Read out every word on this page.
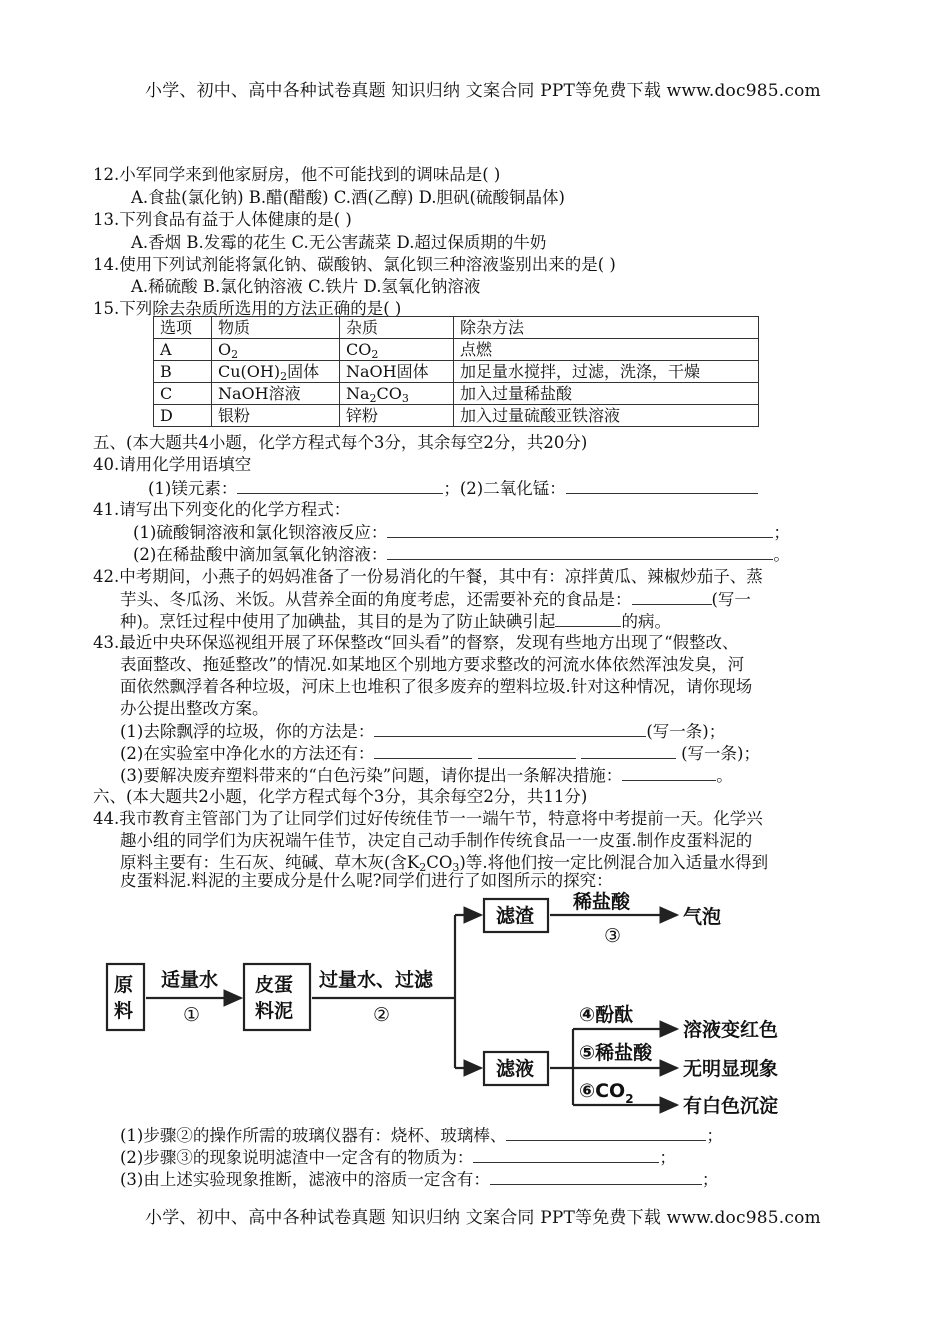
小学、初中、高中各种试卷真题 知识归纳 文案合同 PPT等免费下载 www.doc985.com
12.小军同学来到他家厨房，他不可能找到的调味品是( )
A.食盐(氯化钠) B.醋(醋酸) C.酒(乙醇) D.胆矾(硫酸铜晶体)
13.下列食品有益于人体健康的是( )
A.香烟 B.发霉的花生 C.无公害蔬菜 D.超过保质期的牛奶
14.使用下列试剂能将氯化钠、碳酸钠、氯化钡三种溶液鉴别出来的是( )
A.稀硫酸 B.氯化钠溶液 C.铁片 D.氢氧化钠溶液
15.下列除去杂质所选用的方法正确的是( )
选项	物质	杂质	除杂方法
A	$O_2$	$CO_2$	点燃
B	$Cu(OH)_2$固体	NaOH固体	加足量水搅拌，过滤，洗涤，干燥
C	NaOH溶液	$Na_2CO_3$	加入过量稀盐酸
D	银粉	锌粉	加入过量硫酸亚铁溶液
五、(本大题共4小题，化学方程式每个3分，其余每空2分，共20分)
40.请用化学用语填空
(1)镁元素：	；(2)二氧化锰：
41.请写出下列变化的化学方程式：
(1)硫酸铜溶液和氯化钡溶液反应：	；
(2)在稀盐酸中滴加氢氧化钠溶液：	。
42.中考期间，小燕子的妈妈准备了一份易消化的午餐，其中有：凉拌黄瓜、辣椒炒茄子、蒸
芋头、冬瓜汤、米饭。从营养全面的角度考虑，还需要补充的食品是：	(写一
种)。烹饪过程中使用了加碘盐，其目的是为了防止缺碘引起	的病。
43.最近中央环保巡视组开展了环保整改“回头看”的督察，发现有些地方出现了“假整改、
表面整改、拖延整改”的情况.如某地区个别地方要求整改的河流水体依然浑浊发臭，河
面依然飘浮着各种垃圾，河床上也堆积了很多废弃的塑料垃圾.针对这种情况，请你现场
办公提出整改方案。
(1)去除飘浮的垃圾，你的方法是：	(写一条)；
(2)在实验室中净化水的方法还有：	(写一条)；
(3)要解决废弃塑料带来的“白色污染”问题，请你提出一条解决措施：	。
六、(本大题共2小题，化学方程式每个3分，其余每空2分，共11分)
44.我市教育主管部门为了让同学们过好传统佳节一一端午节，特意将中考提前一天。化学兴
趣小组的同学们为庆祝端午佳节，决定自己动手制作传统食品一一皮蛋.制作皮蛋料泥的
原料主要有：生石灰、纯碱、草木灰(含$K_2CO_3$)等.将他们按一定比例混合加入适量水得到
皮蛋料泥.料泥的主要成分是什么呢?同学们进行了如图所示的探究：
原
料
适量水
①
皮蛋
料泥
过量水、过滤
②
滤渣
稀盐酸
③
气泡
滤液
④酚酞
⑤稀盐酸
$⑥CO_2$
溶液变红色
无明显现象
有白色沉淀
(1)步骤②的操作所需的玻璃仪器有：烧杯、玻璃棒、	；
(2)步骤③的现象说明滤渣中一定含有的物质为：	；
(3)由上述实验现象推断，滤液中的溶质一定含有：	；
小学、初中、高中各种试卷真题 知识归纳 文案合同 PPT等免费下载 www.doc985.com
